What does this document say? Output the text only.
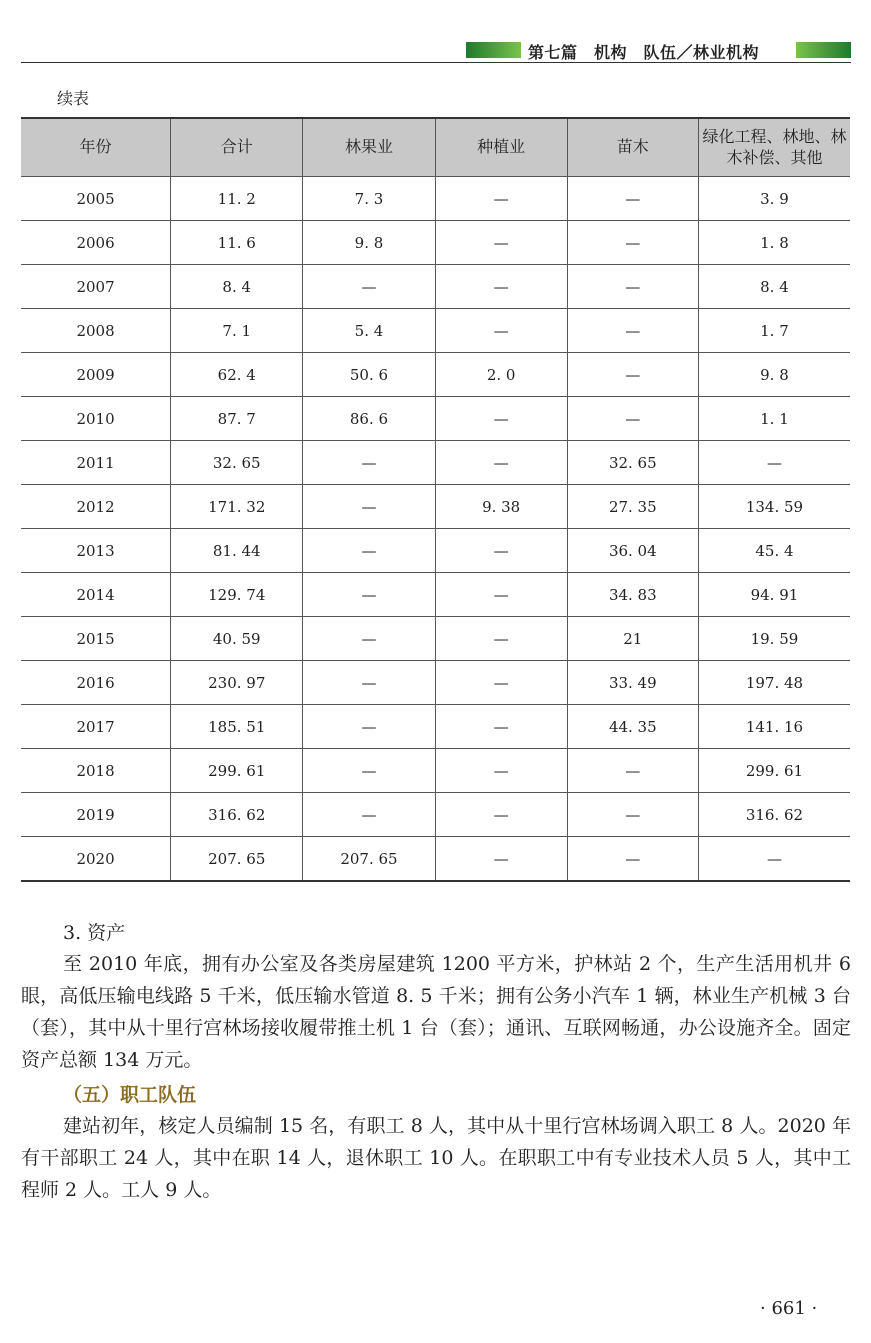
第七篇　机构　队伍／林业机构
续表
年份	合计	林果业	种植业	苗木	绿化工程、林地、林木补偿、其他
2005	11. 2	7. 3	—	—	3. 9
2006	11. 6	9. 8	—	—	1. 8
2007	8. 4	—	—	—	8. 4
2008	7. 1	5. 4	—	—	1. 7
2009	62. 4	50. 6	2. 0	—	9. 8
2010	87. 7	86. 6	—	—	1. 1
2011	32. 65	—	—	32. 65	—
2012	171. 32	—	9. 38	27. 35	134. 59
2013	81. 44	—	—	36. 04	45. 4
2014	129. 74	—	—	34. 83	94. 91
2015	40. 59	—	—	21	19. 59
2016	230. 97	—	—	33. 49	197. 48
2017	185. 51	—	—	44. 35	141. 16
2018	299. 61	—	—	—	299. 61
2019	316. 62	—	—	—	316. 62
2020	207. 65	207. 65	—	—	—
3. 资产

至 2010 年底，拥有办公室及各类房屋建筑 1200 平方米，护林站 2 个，生产生活用机井 6 眼，高低压输电线路 5 千米，低压输水管道 8. 5 千米；拥有公务小汽车 1 辆，林业生产机械 3 台（套），其中从十里行宫林场接收履带推土机 1 台（套）；通讯、互联网畅通，办公设施齐全。固定资产总额 134 万元。

（五）职工队伍

建站初年，核定人员编制 15 名，有职工 8 人，其中从十里行宫林场调入职工 8 人。2020 年有干部职工 24 人，其中在职 14 人，退休职工 10 人。在职职工中有专业技术人员 5 人，其中工程师 2 人。工人 9 人。

· 661 ·
